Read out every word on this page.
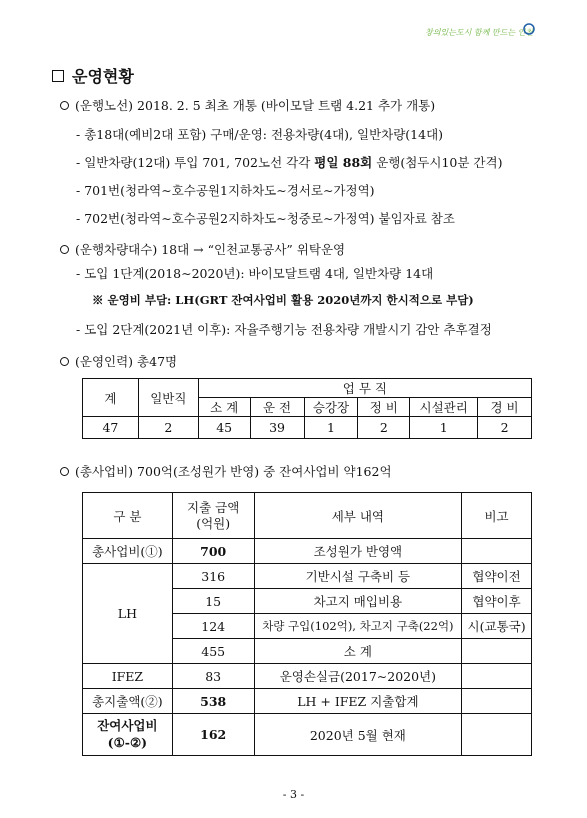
창의있는도시 함께 만드는 인천
운영현황
(운행노선) 2018. 2. 5 최초 개통 (바이모달 트램 4.21 추가 개통)
- 총18대(예비2대 포함) 구매/운영: 전용차량(4대), 일반차량(14대)
- 일반차량(12대) 투입 701, 702노선 각각 평일 88회 운행(첨두시10분 간격)
- 701번(청라역∼호수공원1지하차도∼경서로∼가정역)
- 702번(청라역∼호수공원2지하차도∼청중로∼가정역) 붙임자료 참조
(운행차량대수) 18대 → “인천교통공사” 위탁운영
- 도입 1단계(2018∼2020년): 바이모달트램 4대, 일반차량 14대
※ 운영비 부담: LH(GRT 잔여사업비 활용 2020년까지 한시적으로 부담)
- 도입 2단계(2021년 이후): 자율주행기능 전용차량 개발시기 감안 추후결정
(운영인력) 총47명
계	일반직	업 무 직					
		소 계	운 전	승강장	정 비	시설관리	경 비
47	2	45	39	1	2	1	2
(총사업비) 700억(조성원가 반영) 중 잔여사업비 약162억
구 분	지출 금액
(억원)	세부 내역	비고
총사업비(①)	700	조성원가 반영액	
LH	316	기반시설 구축비 등	협약이전
	15	차고지 매입비용	협약이후
	124	차량 구입(102억), 차고지 구축(22억)	시(교통국)
	455	소 계	
IFEZ	83	운영손실금(2017∼2020년)	
총지출액(②)	538	LH + IFEZ 지출합계	
잔여사업비
(①-②)	162	2020년 5월 현재	
- 3 -
